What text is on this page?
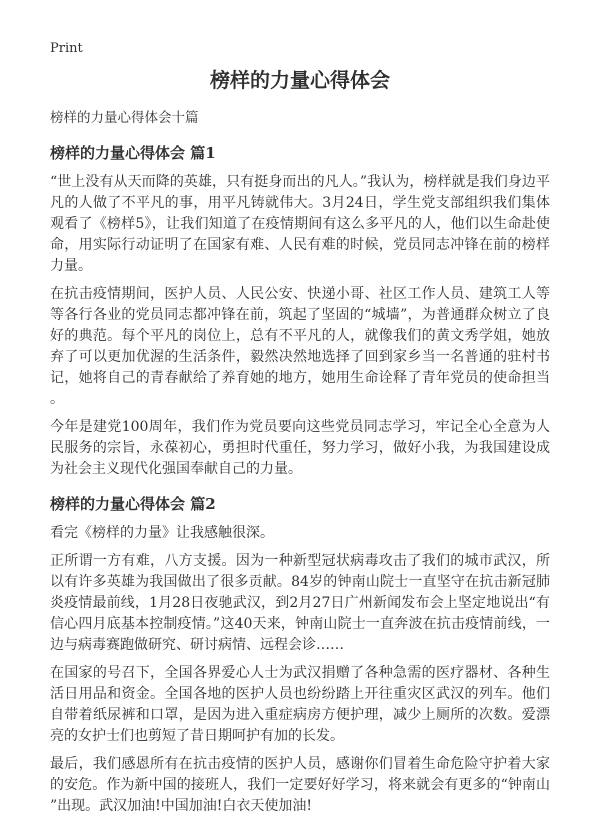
Print
榜样的力量心得体会

榜样的力量心得体会十篇

榜样的力量心得体会 篇1

“世上没有从天而降的英雄，只有挺身而出的凡人。”我认为，榜样就是我们身边平凡的人做了不平凡的事，用平凡铸就伟大。3月24日，学生党支部组织我们集体观看了《榜样5》，让我们知道了在疫情期间有这么多平凡的人，他们以生命赴使命，用实际行动证明了在国家有难、人民有难的时候，党员同志冲锋在前的榜样力量。

在抗击疫情期间，医护人员、人民公安、快递小哥、社区工作人员、建筑工人等等各行各业的党员同志都冲锋在前，筑起了坚固的“城墙”，为普通群众树立了良好的典范。每个平凡的岗位上，总有不平凡的人，就像我们的黄文秀学姐，她放弃了可以更加优渥的生活条件，毅然决然地选择了回到家乡当一名普通的驻村书记，她将自己的青春献给了养育她的地方，她用生命诠释了青年党员的使命担当。

今年是建党100周年，我们作为党员要向这些党员同志学习，牢记全心全意为人民服务的宗旨，永葆初心，勇担时代重任，努力学习，做好小我，为我国建设成为社会主义现代化强国奉献自己的力量。

榜样的力量心得体会 篇2

看完《榜样的力量》让我感触很深。

正所谓一方有难，八方支援。因为一种新型冠状病毒攻击了我们的城市武汉，所以有许多英雄为我国做出了很多贡献。84岁的钟南山院士一直坚守在抗击新冠肺炎疫情最前线，1月28日夜驰武汉，到2月27日广州新闻发布会上坚定地说出“有信心四月底基本控制疫情。”这40天来，钟南山院士一直奔波在抗击疫情前线，一边与病毒赛跑做研究、研讨病情、远程会诊……

在国家的号召下，全国各界爱心人士为武汉捐赠了各种急需的医疗器材、各种生活日用品和资金。全国各地的医护人员也纷纷踏上开往重灾区武汉的列车。他们自带着纸尿裤和口罩，是因为进入重症病房方便护理，减少上厕所的次数。爱漂亮的女护士们也剪短了昔日期呵护有加的长发。

最后，我们感恩所有在抗击疫情的医护人员，感谢你们冒着生命危险守护着大家的安危。作为新中国的接班人，我们一定要好好学习，将来就会有更多的“钟南山”出现。武汉加油!中国加油!白衣天使加油!
